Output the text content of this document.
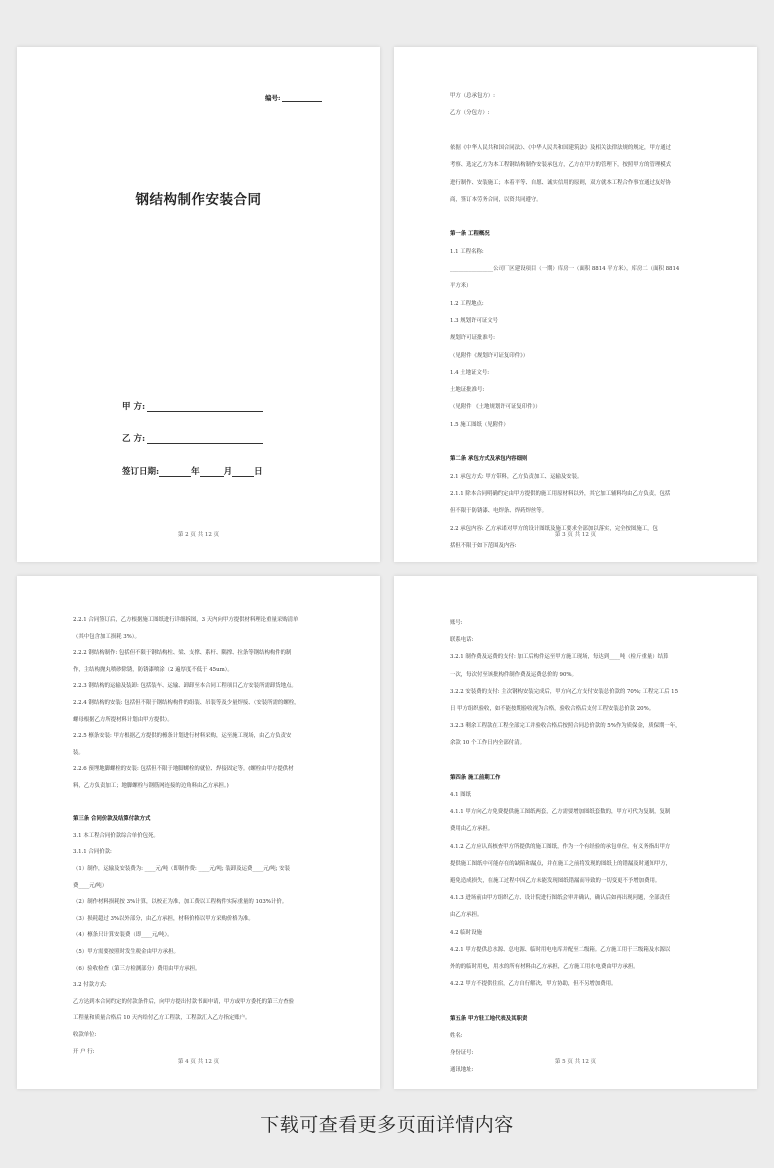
编号:
钢结构制作安装合同
甲 方:
乙 方:
签订日期:	年	月	日
第 2 页 共 12 页
甲方（总承包方）:
乙方（分包方）:
依据《中华人民共和国合同法》、《中华人民共和国建筑法》及相关法律法规的规定，甲方通过
考察、选定乙方为本工程钢结构制作安装承包方，乙方在甲方的管理下，按照甲方的管理模式
进行制作、安装施工；本着平等、自愿、诚实信用的原则，双方就本工程合作事宜通过友好协
商，签订本劳务合同，以资共同遵守。
第一条 工程概况
1.1 工程名称:
________________公司厂区建设项目（一期）库房一（面积 8814 平方米），库房二（面积 8814
平方米）
1.2 工程地点:
1.3 规划许可证文号
规划许可证批准号:
（见附件《规划许可证复印件》）
1.4 土地证文号:
土地证批准号:
（见附件 《土地规划许可证复印件》）
1.5 施工图纸（见附件）
第二条 承包方式及承包内容细则
2.1 承包方式: 甲方带料，乙方负责加工、运输及安装。
2.1.1 除本合同明确约定由甲方提供的施工用原材料以外，其它加工辅料均由乙方负责，包括
但不限于防锈漆、电焊条、焊药焊丝等。
2.2 承包内容: 乙方承诺对甲方的设计图纸及施工要求全部加以落实，完全按图施工，包
括但不限于如下范围及内容:
第 3 页 共 12 页
2.2.1 合同签订后，乙方根据施工图纸进行详细拆图，3 天内向甲方提供材料理论重量采购清单
（其中包含加工损耗 3%）。
2.2.2 钢结构制作: 包括但不限于钢结构柱、梁、支撑、系杆、隅撑、拉条等钢结构构件的制
作，主结构抛丸喷砂除锈，防锈漆喷涂（2 遍厚度不低于 45um）。
2.2.3 钢结构的运输及装卸: 包括装车、运输、卸卸至本合同工程项目乙方安装所需卸货地点。
2.2.4 钢结构的安装: 包括但不限于钢结构构件的组装、吊装等及少量焊接、（安装所需的螺栓，
螺母根据乙方所提材料计划由甲方提供）。
2.2.5 檩条安装: 甲方根据乙方提供的檩条计划进行材料采购，运至施工现场，由乙方负责安
装。
2.2.6 预埋地脚螺栓的安装: 包括但不限于地脚螺栓的就位、焊接固定等。(螺栓由甲方提供材
料，乙方负责加工；地脚螺栓与钢筋网连接的边角料由乙方承担。)
第三条 合同价款及结算付款方式
3.1 本工程合同价款综合单价包死。
3.1.1 合同价款:
（1）制作，运输及安装费为: ____元/吨（即制作费: ____元/吨; 装卸及运费____元/吨; 安装
费____元/吨）
（2）制作材料损耗按 3%计算，以校正为准，加工费以工程构件实际重量的 103%计价。
（3）损耗超过 3%以外部分，由乙方承担，材料价格以甲方采购价格为准。
（4）檩条只计算安装费（即____元/吨）。
（5）甲方需要按照时发生税金由甲方承担。
（6）验收检查（第三方检测部分）费用由甲方承担。
3.2 付款方式:
乙方达到本合同约定的付款条件后，向甲方提出付款书面申请，甲方或甲方委托的第三方查验
工程量和质量合格后 10 天内给付乙方工程款，工程款汇入乙方指定账户。
收款单位:
开 户 行:
第 4 页 共 12 页
账号:
联系电话:
3.2.1 制作费及运费的支付: 加工后构件运至甲方施工现场，每达到____吨（检斤重量）结算
一次，每次付至该批构件制作费及运费总价的 90%。
3.2.2 安装费的支付: 主次钢构安装完成后，甲方向乙方支付安装总价款的 70%; 工程完工后 15
日 甲方组织验收，如不能按期验收视为合格，验收合格后支付工程安装总价款 20%。
3.2.3 剩余工程款在工程全部完工并验收合格后按照合同总价款的 5%作为质保金，质保期一年，
余款 10 个工作日内全部付清。
第四条 施工前期工作
4.1 图纸
4.1.1 甲方向乙方免费提供施工图纸两套，乙方需要增加图纸套数的，甲方可代为复制，复制
费用由乙方承担。
4.1.2 乙方应认真核查甲方所提供的施工图纸，作为一个有经验的承包单位，有义务指出甲方
提供施工图纸中可能存在的缺陷和漏点，并在施工之前将发现的图纸上的错漏及时通知甲方，
避免造成损失，在施工过程中因乙方未能发现图纸错漏而导致的一切变更不予增加费用。
4.1.3 进场前由甲方组织乙方、设计院进行图纸会审并确认，确认后如再出现问题，全部责任
由乙方承担。
4.2 临时设施
4.2.1 甲方提供总水源、总电源、临时用电电库并配至二级箱。乙方施工用于三级箱及水源以
外的的临时用电，用水的所有材料由乙方承担，乙方施工用水电费由甲方承担。
4.2.2 甲方不提供住宿，乙方自行解决，甲方协助，但不另增加费用。
第五条 甲方驻工地代表及其职责
姓名:
身份证号:
通讯地址:
第 5 页 共 12 页
下载可查看更多页面详情内容
